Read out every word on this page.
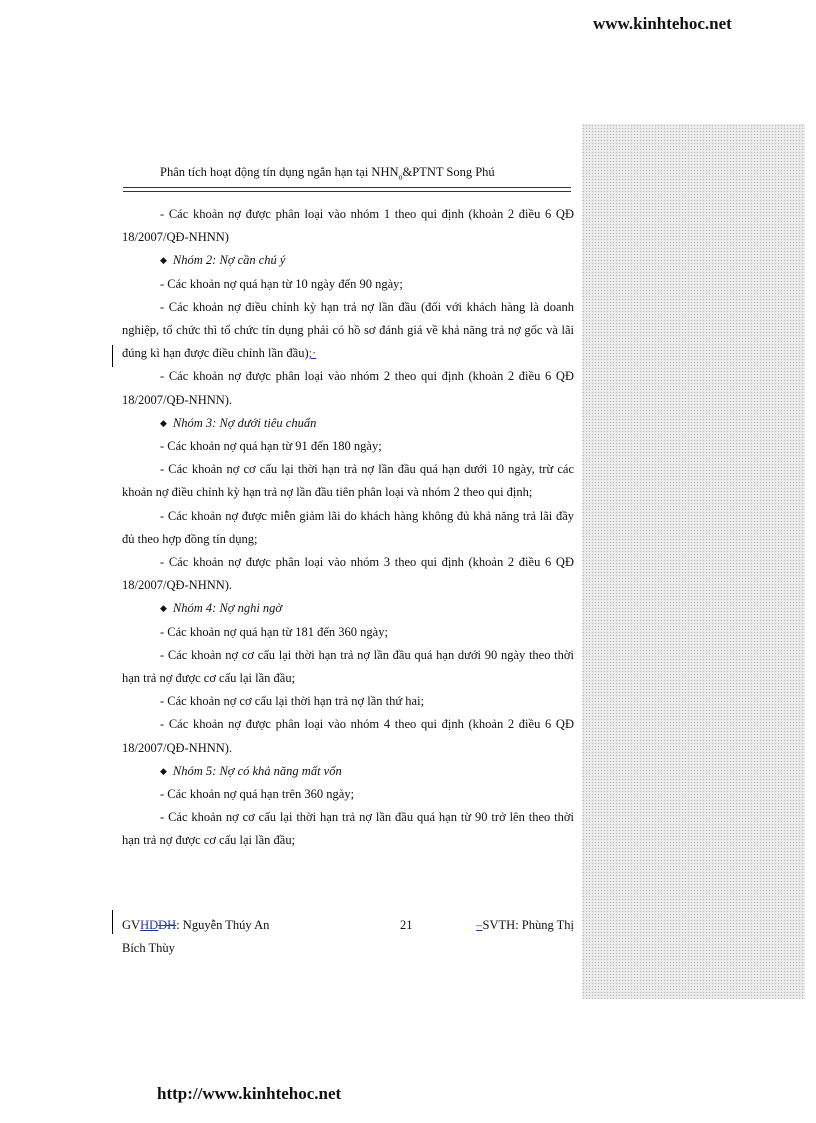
www.kinhtehoc.net
Phân tích hoạt động tín dụng ngắn hạn tại $NHN_o\&PTNT$ Song Phú

- Các khoản nợ được phân loại vào nhóm 1 theo qui định (khoản 2 điều 6 QĐ 18/2007/QĐ-NHNN)

◆ Nhóm 2: Nợ cần chú ý

- Các khoản nợ quá hạn từ 10 ngày đến 90 ngày;

- Các khoản nợ điều chỉnh kỳ hạn trả nợ lần đầu (đối với khách hàng là doanh nghiệp, tổ chức thì tổ chức tín dụng phải có hồ sơ đánh giá về khả năng trả nợ gốc và lãi đúng kì hạn được điều chỉnh lần đầu);·

- Các khoản nợ được phân loại vào nhóm 2 theo qui định (khoản 2 điều 6 QĐ 18/2007/QĐ-NHNN).

◆ Nhóm 3: Nợ dưới tiêu chuẩn

- Các khoản nợ quá hạn từ 91 đến 180 ngày;

- Các khoản nợ cơ cấu lại thời hạn trả nợ lần đầu quá hạn dưới 10 ngày, trừ các khoản nợ điều chỉnh kỳ hạn trả nợ lần đầu tiên phân loại và nhóm 2 theo qui định;

- Các khoản nợ được miễn giảm lãi do khách hàng không đủ khả năng trả lãi đầy đủ theo hợp đồng tín dụng;

- Các khoản nợ được phân loại vào nhóm 3 theo qui định (khoản 2 điều 6 QĐ 18/2007/QĐ-NHNN).

◆ Nhóm 4: Nợ nghi ngờ

- Các khoản nợ quá hạn từ 181 đến 360 ngày;

- Các khoản nợ cơ cấu lại thời hạn trả nợ lần đầu quá hạn dưới 90 ngày theo thời hạn trả nợ được cơ cấu lại lần đầu;

- Các khoản nợ cơ cấu lại thời hạn trả nợ lần thứ hai;

- Các khoản nợ được phân loại vào nhóm 4 theo qui định (khoản 2 điều 6 QĐ 18/2007/QĐ-NHNN).

◆ Nhóm 5: Nợ có khả năng mất vốn

- Các khoản nợ quá hạn trên 360 ngày;

- Các khoản nợ cơ cấu lại thời hạn trả nợ lần đầu quá hạn từ 90 trở lên theo thời hạn trả nợ được cơ cấu lại lần đầu;

GVHDDH: Nguyễn Thúy An	21	–SVTH: Phùng Thị
Bích Thùy
http://www.kinhtehoc.net
